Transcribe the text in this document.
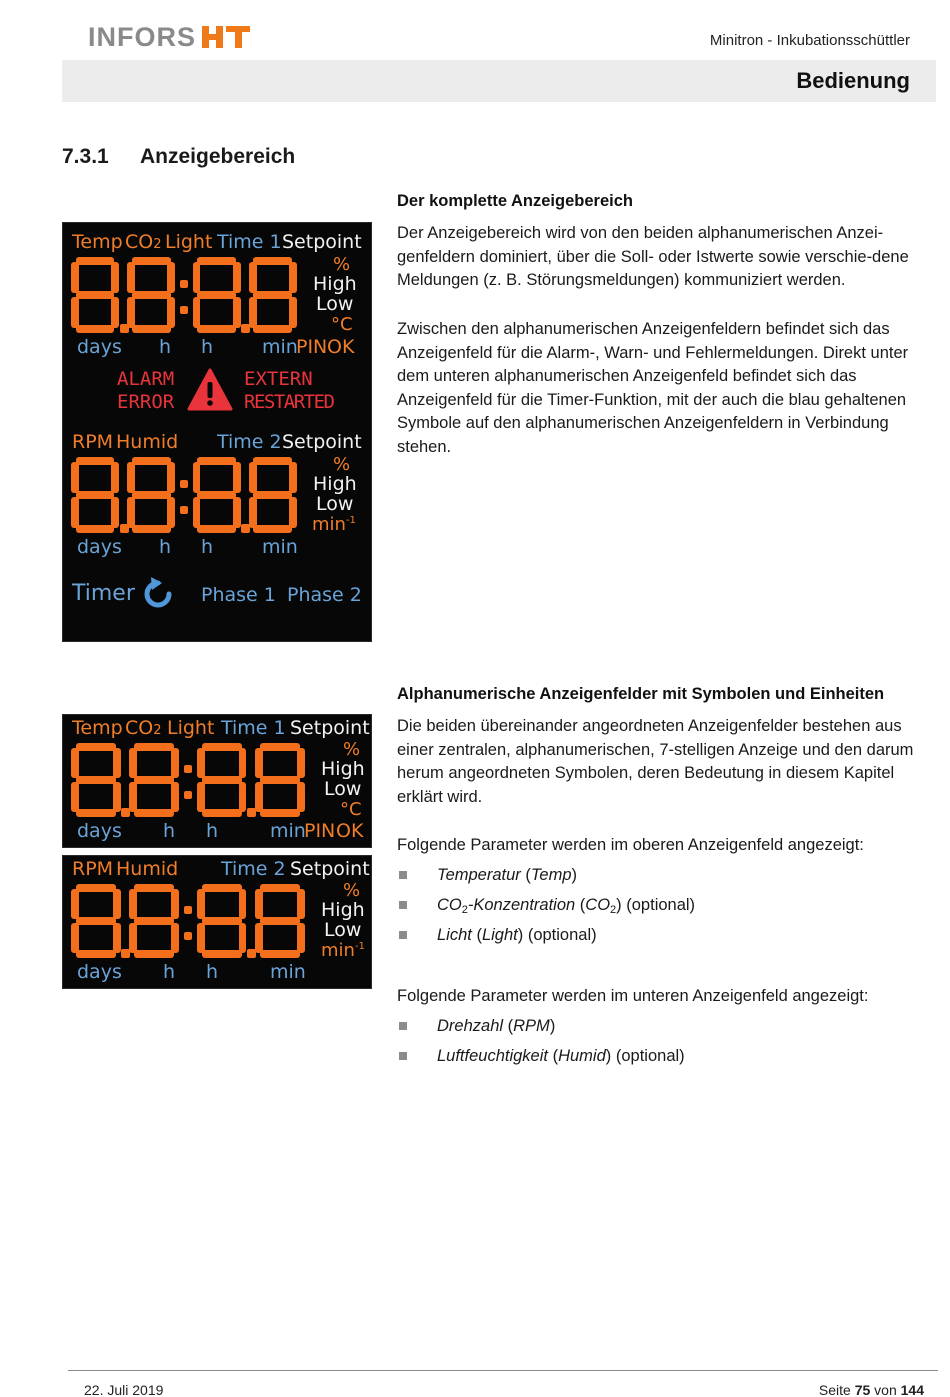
INFORS	Minitron - Inkubationsschüttler
Bedienung
7.3.1	Anzeigebereich
Der komplette Anzeigebereich
Der Anzeigebereich wird von den beiden alphanumerischen Anzei-genfeldern dominiert, über die Soll- oder Istwerte sowie verschie-dene Meldungen (z. B. Störungsmeldungen) kommuniziert werden.
Zwischen den alphanumerischen Anzeigenfeldern befindet sich das Anzeigenfeld für die Alarm-, Warn- und Fehlermeldungen. Direkt unter dem unteren alphanumerischen Anzeigenfeld befindet sich das Anzeigenfeld für die Timer-Funktion, mit der auch die blau gehaltenen Symbole auf den alphanumerischen Anzeigenfeldern in Verbindung stehen.
Alphanumerische Anzeigenfelder mit Symbolen und Einheiten
Die beiden übereinander angeordneten Anzeigenfelder bestehen aus einer zentralen, alphanumerischen, 7-stelligen Anzeige und den darum herum angeordneten Symbolen, deren Bedeutung in diesem Kapitel erklärt wird.
Folgende Parameter werden im oberen Anzeigenfeld angezeigt:
Temperatur (Temp)
$CO_2$-Konzentration $(CO_2)$ (optional)
Licht (Light) (optional)
Folgende Parameter werden im unteren Anzeigenfeld angezeigt:
Drehzahl (RPM)
Luftfeuchtigkeit (Humid) (optional)
Temp CO2 Light Time 1 Setpoint
%
High
Low
°C
days h h	min
PIN OK
ALARM
ERROR
EXTERN
RESTARTED
RPM Humid Time 2 Setpoint
%
High
Low
$\min^{-1}$
days h h	min
Timer	Phase 1 Phase 2
Temp CO2 Light Time 1 Setpoint
%
High
Low
°C
days h h	min
PIN OK
RPM Humid Time 2 Setpoint
%
High
Low
$\min^{-1}$
days h h	min
22. Juli 2019	Seite 75 von 144
